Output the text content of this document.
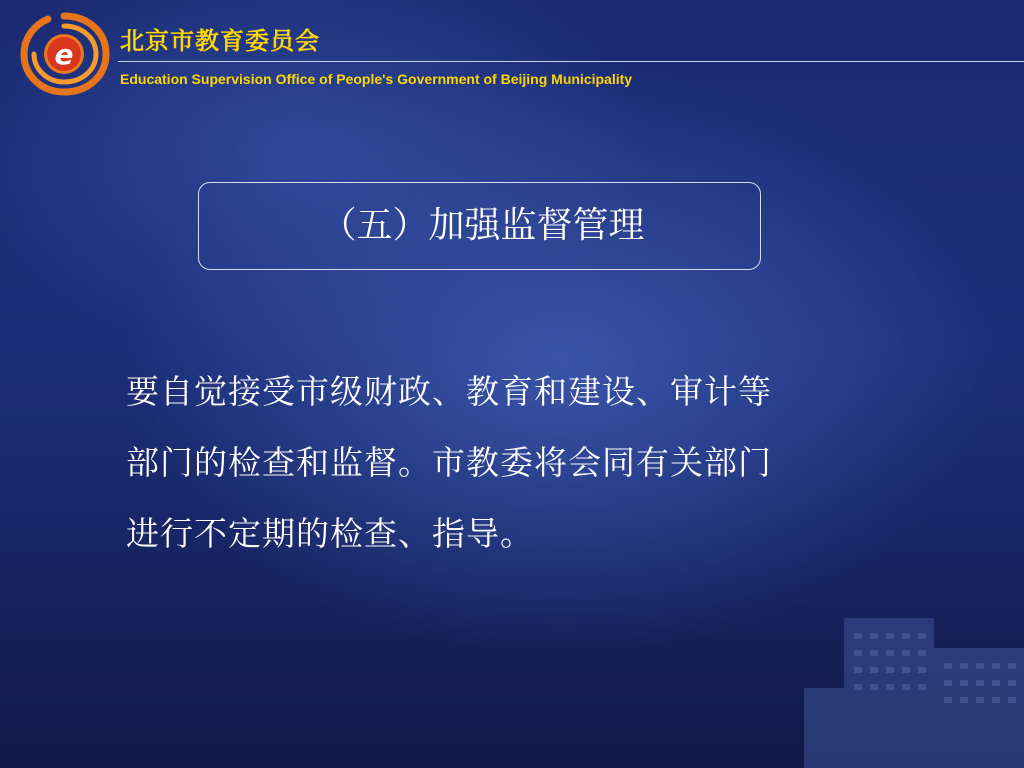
e 北京市教育委员会
Education Supervision Office of People's Government of Beijing Municipality
（五）加强监督管理
要自觉接受市级财政、教育和建设、审计等
部门的检查和监督。市教委将会同有关部门
进行不定期的检查、指导。
